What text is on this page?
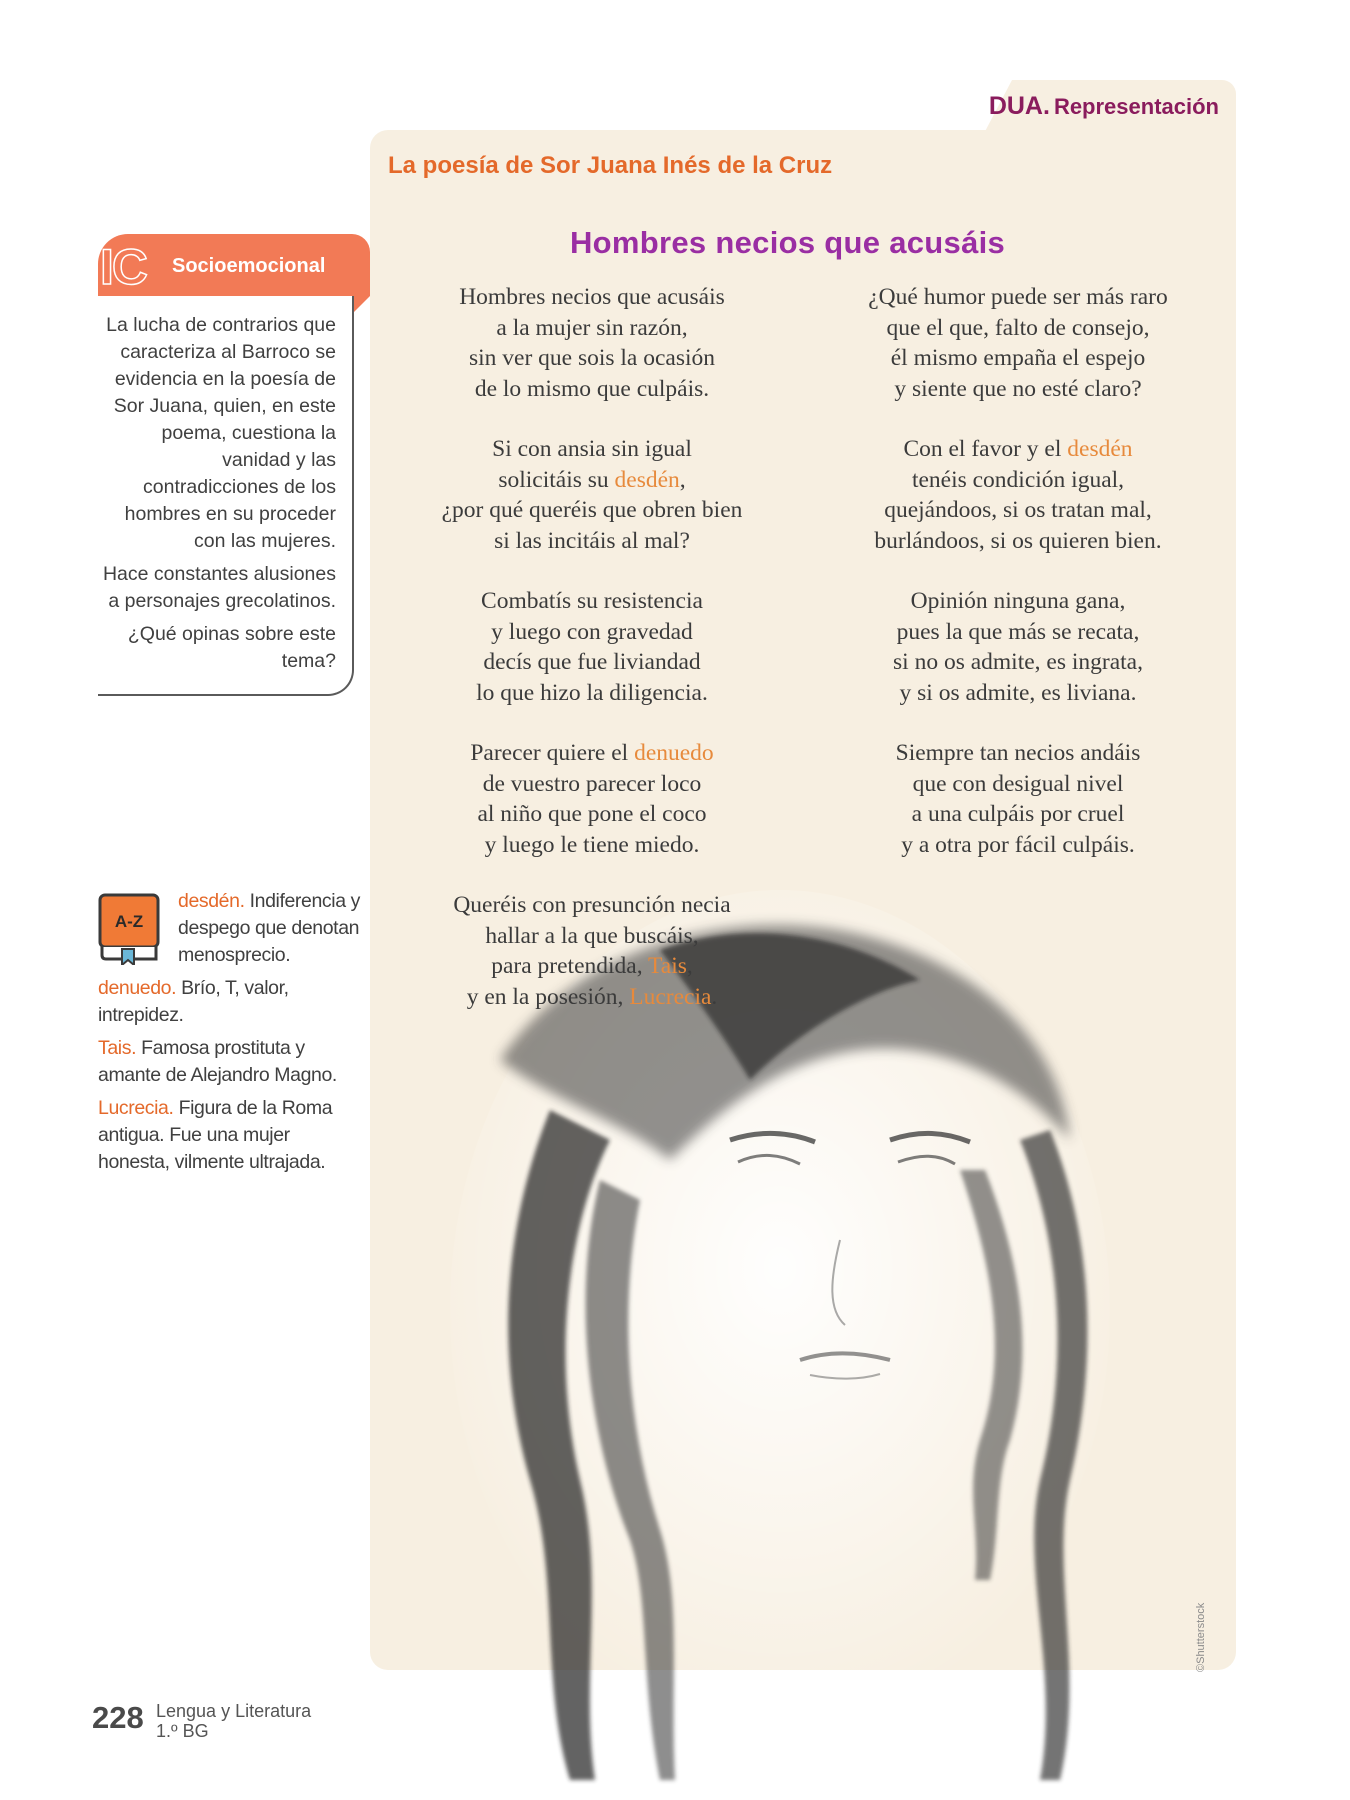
DUA. Representación
La poesía de Sor Juana Inés de la Cruz
Hombres necios que acusáis
©Shutterstock
Hombres necios que acusáis
a la mujer sin razón,
sin ver que sois la ocasión
de lo mismo que culpáis.
Si con ansia sin igual
solicitáis su desdén,
¿por qué queréis que obren bien
si las incitáis al mal?
Combatís su resistencia
y luego con gravedad
decís que fue liviandad
lo que hizo la diligencia.
Parecer quiere el denuedo
de vuestro parecer loco
al niño que pone el coco
y luego le tiene miedo.
Queréis con presunción necia
hallar a la que buscáis,
para pretendida, Tais,
y en la posesión, Lucrecia.
¿Qué humor puede ser más raro
que el que, falto de consejo,
él mismo empaña el espejo
y siente que no esté claro?
Con el favor y el desdén
tenéis condición igual,
quejándoos, si os tratan mal,
burlándoos, si os quieren bien.
Opinión ninguna gana,
pues la que más se recata,
si no os admite, es ingrata,
y si os admite, es liviana.
Siempre tan necios andáis
que con desigual nivel
a una culpáis por cruel
y a otra por fácil culpáis.
IC Socioemocional

La lucha de contrarios que caracteriza al Barroco se evidencia en la poesía de Sor Juana, quien, en este poema, cuestiona la vanidad y las contradicciones de los hombres en su proceder con las mujeres.

Hace constantes alusiones a personajes grecolatinos.

¿Qué opinas sobre este tema?

A-Z

desdén. Indiferencia y despego que denotan menosprecio.

denuedo. Brío, T, valor, intrepidez.

Tais. Famosa prostituta y amante de Alejandro Magno.

Lucrecia. Figura de la Roma antigua. Fue una mujer honesta, vilmente ultrajada.

228 Lengua y Literatura
1.º BG
